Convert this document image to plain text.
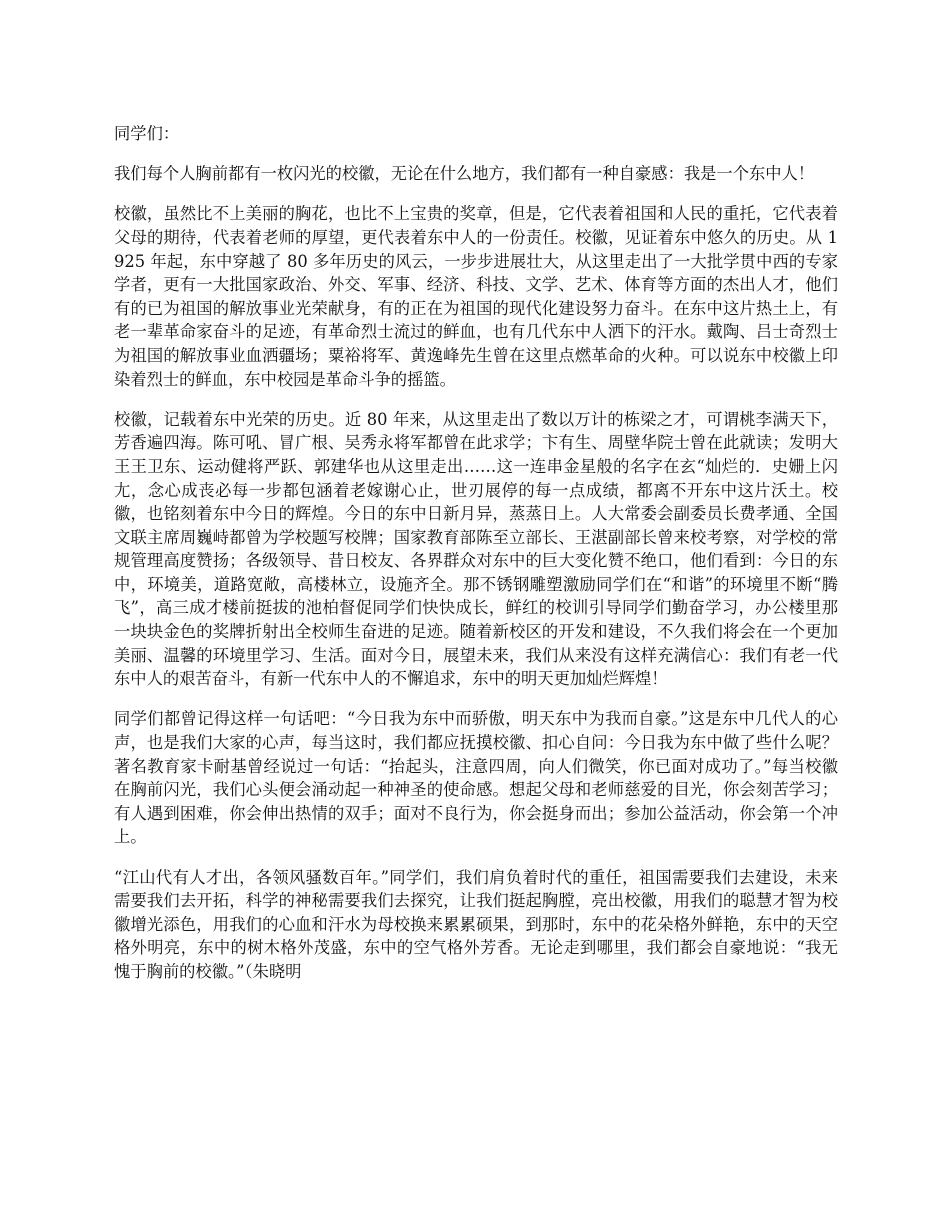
同学们：

我们每个人胸前都有一枚闪光的校徽，无论在什么地方，我们都有一种自豪感：我是一个东中人！

校徽，虽然比不上美丽的胸花，也比不上宝贵的奖章，但是，它代表着祖国和人民的重托，它代表着父母的期待，代表着老师的厚望，更代表着东中人的一份责任。校徽，见证着东中悠久的历史。从 1925 年起，东中穿越了 80 多年历史的风云，一步步进展壮大，从这里走出了一大批学贯中西的专家学者，更有一大批国家政治、外交、军事、经济、科技、文学、艺术、体育等方面的杰出人才，他们有的已为祖国的解放事业光荣献身，有的正在为祖国的现代化建设努力奋斗。在东中这片热土上，有老一辈革命家奋斗的足迹，有革命烈士流过的鲜血，也有几代东中人洒下的汗水。戴陶、吕士奇烈士为祖国的解放事业血洒疆场；粟裕将军、黄逸峰先生曾在这里点燃革命的火种。可以说东中校徽上印染着烈士的鲜血，东中校园是革命斗争的摇篮。

校徽，记载着东中光荣的历史。近 80 年来，从这里走出了数以万计的栋梁之才，可谓桃李满天下，芳香遍四海。陈可吼、冒广根、吴秀永将军都曾在此求学；卞有生、周壁华院士曾在此就读；发明大王王卫东、运动健将严跃、郭建华也从这里走出……这一连串金星般的名字在玄“灿烂的．史姗上闪尢，念心成丧必每一步都包涵着老嫁谢心止，世刃展停的每一点成绩，都离不开东中这片沃土。校徽，也铭刻着东中今日的辉煌。今日的东中日新月异，蒸蒸日上。人大常委会副委员长费孝通、全国文联主席周巍峙都曾为学校题写校牌；国家教育部陈至立部长、王湛副部长曾来校考察，对学校的常规管理高度赞扬；各级领导、昔日校友、各界群众对东中的巨大变化赞不绝口，他们看到：今日的东中，环境美，道路宽敞，高楼林立，设施齐全。那不锈钢雕塑激励同学们在“和谐”的环境里不断“腾飞”，高三成才楼前挺拔的池柏督促同学们快快成长，鲜红的校训引导同学们勤奋学习，办公楼里那一块块金色的奖牌折射出全校师生奋进的足迹。随着新校区的开发和建设，不久我们将会在一个更加美丽、温馨的环境里学习、生活。面对今日，展望未来，我们从来没有这样充满信心：我们有老一代东中人的艰苦奋斗，有新一代东中人的不懈追求，东中的明天更加灿烂辉煌！

同学们都曾记得这样一句话吧：“今日我为东中而骄傲，明天东中为我而自豪。”这是东中几代人的心声，也是我们大家的心声，每当这时，我们都应抚摸校徽、扣心自问：今日我为东中做了些什么呢？著名教育家卡耐基曾经说过一句话：“抬起头，注意四周，向人们微笑，你已面对成功了。”每当校徽在胸前闪光，我们心头便会涌动起一种神圣的使命感。想起父母和老师慈爱的目光，你会刻苦学习；有人遇到困难，你会伸出热情的双手；面对不良行为，你会挺身而出；参加公益活动，你会第一个冲上。

“江山代有人才出，各领风骚数百年。”同学们，我们肩负着时代的重任，祖国需要我们去建设，未来需要我们去开拓，科学的神秘需要我们去探究，让我们挺起胸膛，亮出校徽，用我们的聪慧才智为校徽增光添色，用我们的心血和汗水为母校换来累累硕果，到那时，东中的花朵格外鲜艳，东中的天空格外明亮，东中的树木格外茂盛，东中的空气格外芳香。无论走到哪里，我们都会自豪地说：“我无愧于胸前的校徽。”（朱晓明
